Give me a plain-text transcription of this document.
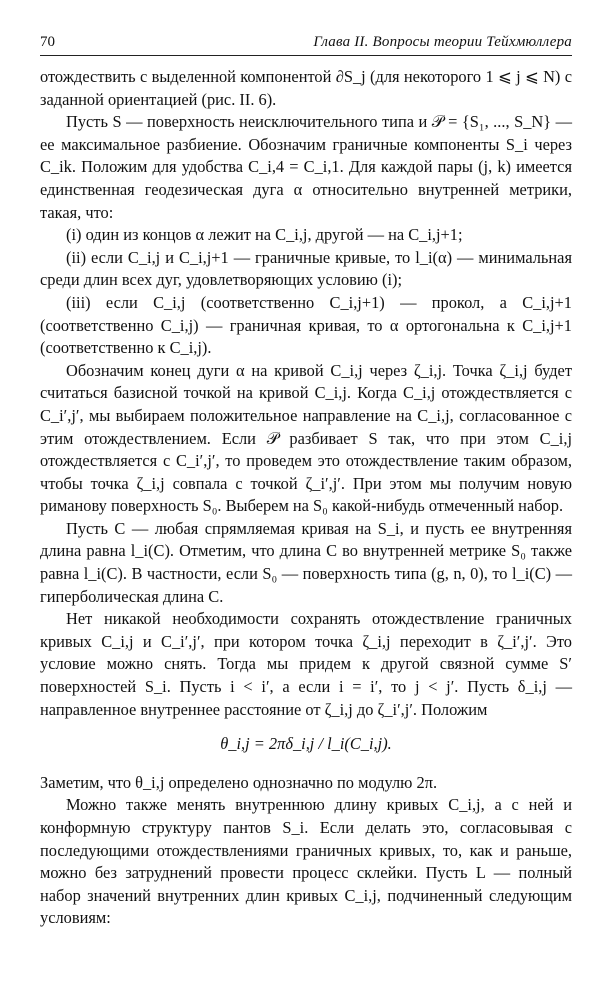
70	Глава II. Вопросы теории Тейхмюллера

отождествить с выделенной компонентой ∂S_j (для некоторого 1 ⩽ j ⩽ N) с заданной ориентацией (рис. II. 6).

Пусть S — поверхность неисключительного типа и 𝒫 = {S₁, ..., S_N} — ее максимальное разбиение. Обозначим граничные компоненты S_i через C_ik. Положим для удобства C_i,4 = C_i,1. Для каждой пары (j, k) имеется единственная геодезическая дуга α относительно внутренней метрики, такая, что:

(i) один из концов α лежит на C_i,j, другой — на C_i,j+1;

(ii) если C_i,j и C_i,j+1 — граничные кривые, то l_i(α) — минимальная среди длин всех дуг, удовлетворяющих условию (i);

(iii) если C_i,j (соответственно C_i,j+1) — прокол, а C_i,j+1 (соответственно C_i,j) — граничная кривая, то α ортогональна к C_i,j+1 (соответственно к C_i,j).

Обозначим конец дуги α на кривой C_i,j через ζ_i,j. Точка ζ_i,j будет считаться базисной точкой на кривой C_i,j. Когда C_i,j отождествляется с C_i′,j′, мы выбираем положительное направление на C_i,j, согласованное с этим отождествлением. Если 𝒫 разбивает S так, что при этом C_i,j отождествляется с C_i′,j′, то проведем это отождествление таким образом, чтобы точка ζ_i,j совпала с точкой ζ_i′,j′. При этом мы получим новую риманову поверхность S₀. Выберем на S₀ какой-нибудь отмеченный набор.

Пусть C — любая спрямляемая кривая на S_i, и пусть ее внутренняя длина равна l_i(C). Отметим, что длина C во внутренней метрике S₀ также равна l_i(C). В частности, если S₀ — поверхность типа (g, n, 0), то l_i(C) — гиперболическая длина C.

Нет никакой необходимости сохранять отождествление граничных кривых C_i,j и C_i′,j′, при котором точка ζ_i,j переходит в ζ_i′,j′. Это условие можно снять. Тогда мы придем к другой связной сумме S′ поверхностей S_i. Пусть i < i′, а если i = i′, то j < j′. Пусть δ_i,j — направленное внутреннее расстояние от ζ_i,j до ζ_i′,j′. Положим

θ_i,j = 2πδ_i,j / l_i(C_i,j).

Заметим, что θ_i,j определено однозначно по модулю 2π.

Можно также менять внутреннюю длину кривых C_i,j, а с ней и конформную структуру пантов S_i. Если делать это, согласовывая с последующими отождествлениями граничных кривых, то, как и раньше, можно без затруднений провести процесс склейки. Пусть L — полный набор значений внутренних длин кривых C_i,j, подчиненный следующим условиям:
